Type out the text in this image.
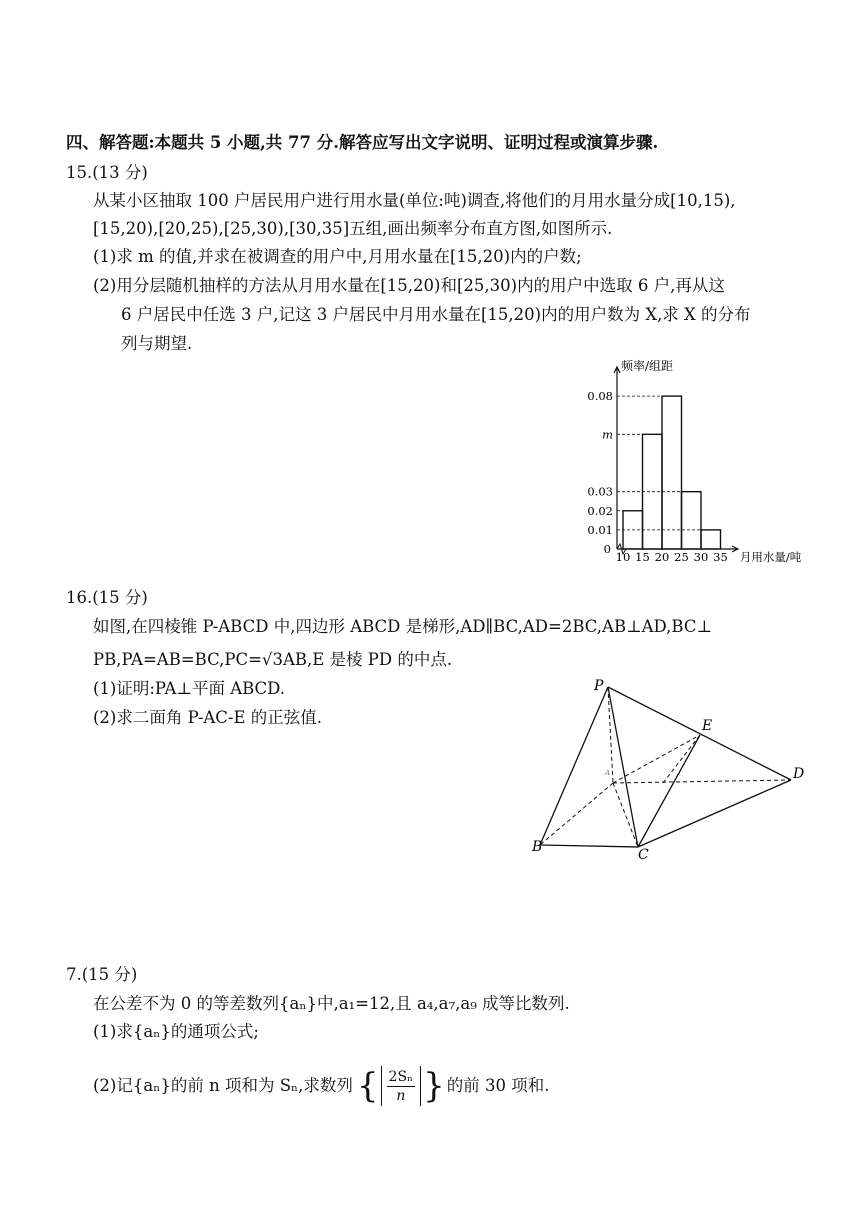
四、解答题:本题共 5 小题,共 77 分.解答应写出文字说明、证明过程或演算步骤.
15.(13 分)
从某小区抽取 100 户居民用户进行用水量(单位:吨)调查,将他们的月用水量分成[10,15),
[15,20),[20,25),[25,30),[30,35]五组,画出频率分布直方图,如图所示.
(1)求 m 的值,并求在被调查的用户中,月用水量在[15,20)内的户数;
(2)用分层随机抽样的方法从月用水量在[15,20)和[25,30)内的用户中选取 6 户,再从这
6 户居民中任选 3 户,记这 3 户居民中月用水量在[15,20)内的用户数为 X,求 X 的分布
列与期望.
0
0.01
0.02
0.03
m
0.08
10 15 20 25 30 35
频率/组距
月用水量/吨
16.(15 分)
如图,在四棱锥 P-ABCD 中,四边形 ABCD 是梯形,AD∥BC,AD=2BC,AB⊥AD,BC⊥
PB,PA=AB=BC,PC=√3AB,E 是棱 PD 的中点.
(1)证明:PA⊥平面 ABCD.
(2)求二面角 P-AC-E 的正弦值.
P
E
D
B	C
A
7.(15 分)
在公差不为 0 的等差数列{aₙ}中,a₁=12,且 a₄,a₇,a₉ 成等比数列.
(1)求{aₙ}的通项公式;
(2)记{aₙ}的前 n 项和为 Sₙ,求数列 { $\frac{\text{2Sₙ}}{n}$ } 的前 30 项和.
